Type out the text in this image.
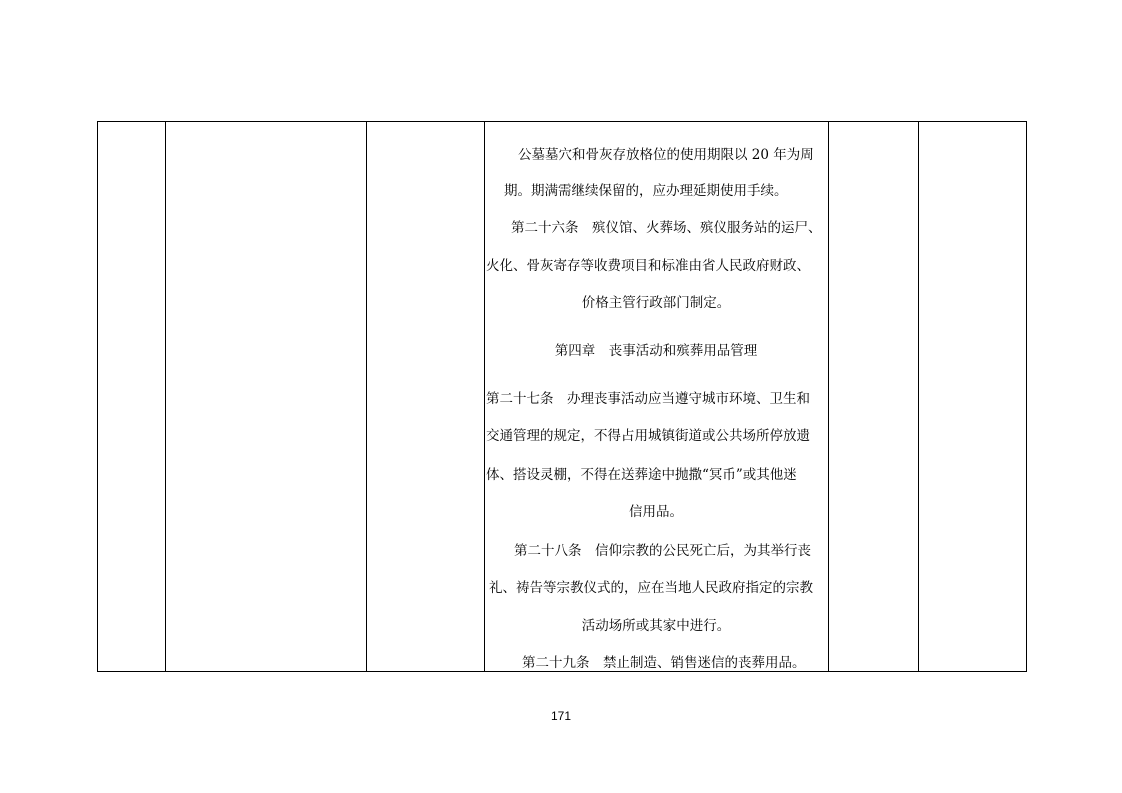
公墓墓穴和骨灰存放格位的使用期限以 20 年为周
期。期满需继续保留的，应办理延期使用手续。
第二十六条　殡仪馆、火葬场、殡仪服务站的运尸、
火化、骨灰寄存等收费项目和标准由省人民政府财政、
价格主管行政部门制定。
第四章　丧事活动和殡葬用品管理
第二十七条　办理丧事活动应当遵守城市环境、卫生和
交通管理的规定，不得占用城镇街道或公共场所停放遗
体、搭设灵棚，不得在送葬途中抛撒“冥币”或其他迷
信用品。
第二十八条　信仰宗教的公民死亡后，为其举行丧
礼、祷告等宗教仪式的，应在当地人民政府指定的宗教
活动场所或其家中进行。
第二十九条　禁止制造、销售迷信的丧葬用品。
171
